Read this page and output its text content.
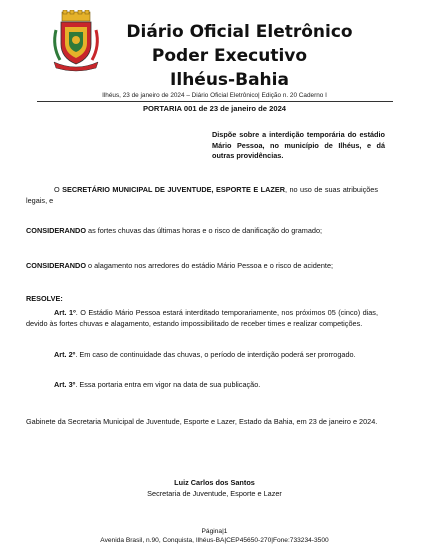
Diário Oficial Eletrônico
Poder Executivo
Ilhéus-Bahia
Ilhéus, 23 de janeiro de 2024 – Diário Oficial Eletrônico| Edição n. 20 Caderno I
PORTARIA 001 de 23 de janeiro de 2024
Dispõe sobre a interdição temporária do estádio Mário Pessoa, no município de Ilhéus, e dá outras providências.
O SECRETÁRIO MUNICIPAL DE JUVENTUDE, ESPORTE E LAZER, no uso de suas atribuições legais, e
CONSIDERANDO as fortes chuvas das últimas horas e o risco de danificação do gramado;
CONSIDERANDO o alagamento nos arredores do estádio Mário Pessoa e o risco de acidente;
RESOLVE:
Art. 1º. O Estádio Mário Pessoa estará interditado temporariamente, nos próximos 05 (cinco) dias, devido às fortes chuvas e alagamento, estando impossibilitado de receber times e realizar competições.
Art. 2º. Em caso de continuidade das chuvas, o período de interdição poderá ser prorrogado.
Art. 3º. Essa portaria entra em vigor na data de sua publicação.
Gabinete da Secretaria Municipal de Juventude, Esporte e Lazer, Estado da Bahia, em 23 de janeiro e 2024.
Luiz Carlos dos Santos
Secretaria de Juventude, Esporte e Lazer
Página|1
Avenida Brasil, n.90, Conquista, Ilhéus-BA|CEP45650-270|Fone:733234-3500
